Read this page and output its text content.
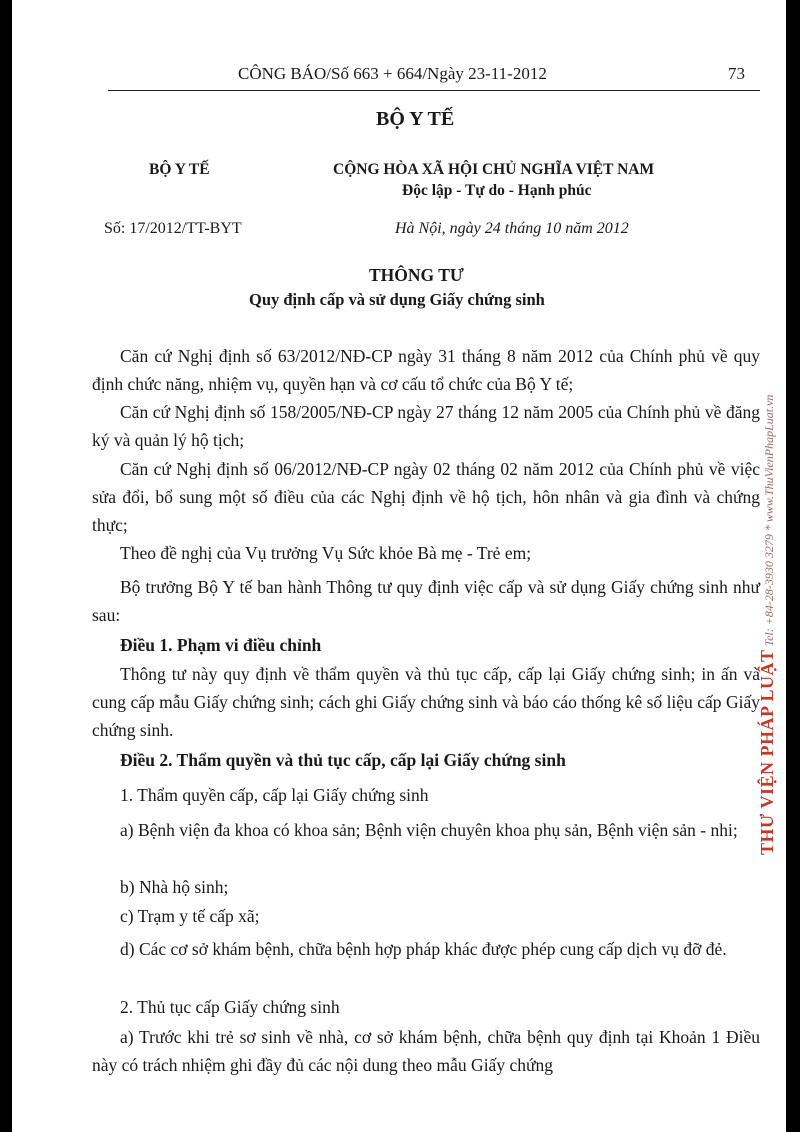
CÔNG BÁO/Số 663 + 664/Ngày 23-11-2012	73
BỘ Y TẾ
BỘ Y TẾ	CỘNG HÒA XÃ HỘI CHỦ NGHĨA VIỆT NAM
Độc lập - Tự do - Hạnh phúc
Số: 17/2012/TT-BYT	Hà Nội, ngày 24 tháng 10 năm 2012
THÔNG TƯ
Quy định cấp và sử dụng Giấy chứng sinh
Căn cứ Nghị định số 63/2012/NĐ-CP ngày 31 tháng 8 năm 2012 của Chính phủ về quy định chức năng, nhiệm vụ, quyền hạn và cơ cấu tổ chức của Bộ Y tế;
Căn cứ Nghị định số 158/2005/NĐ-CP ngày 27 tháng 12 năm 2005 của Chính phủ về đăng ký và quản lý hộ tịch;
Căn cứ Nghị định số 06/2012/NĐ-CP ngày 02 tháng 02 năm 2012 của Chính phủ về việc sửa đổi, bổ sung một số điều của các Nghị định về hộ tịch, hôn nhân và gia đình và chứng thực;
Theo đề nghị của Vụ trưởng Vụ Sức khỏe Bà mẹ - Trẻ em;
Bộ trưởng Bộ Y tế ban hành Thông tư quy định việc cấp và sử dụng Giấy chứng sinh như sau:
Điều 1. Phạm vi điều chỉnh
Thông tư này quy định về thẩm quyền và thủ tục cấp, cấp lại Giấy chứng sinh; in ấn và cung cấp mẫu Giấy chứng sinh; cách ghi Giấy chứng sinh và báo cáo thống kê số liệu cấp Giấy chứng sinh.
Điều 2. Thẩm quyền và thủ tục cấp, cấp lại Giấy chứng sinh
1. Thẩm quyền cấp, cấp lại Giấy chứng sinh
a) Bệnh viện đa khoa có khoa sản; Bệnh viện chuyên khoa phụ sản, Bệnh viện sản - nhi;
b) Nhà hộ sinh;
c) Trạm y tế cấp xã;
d) Các cơ sở khám bệnh, chữa bệnh hợp pháp khác được phép cung cấp dịch vụ đỡ đẻ.
2. Thủ tục cấp Giấy chứng sinh
a) Trước khi trẻ sơ sinh về nhà, cơ sở khám bệnh, chữa bệnh quy định tại Khoản 1 Điều này có trách nhiệm ghi đầy đủ các nội dung theo mẫu Giấy chứng
THƯ VIỆN PHÁP LUẬT Tel: +84-28-3930 3279 * www.ThuVienPhapLuat.vn
